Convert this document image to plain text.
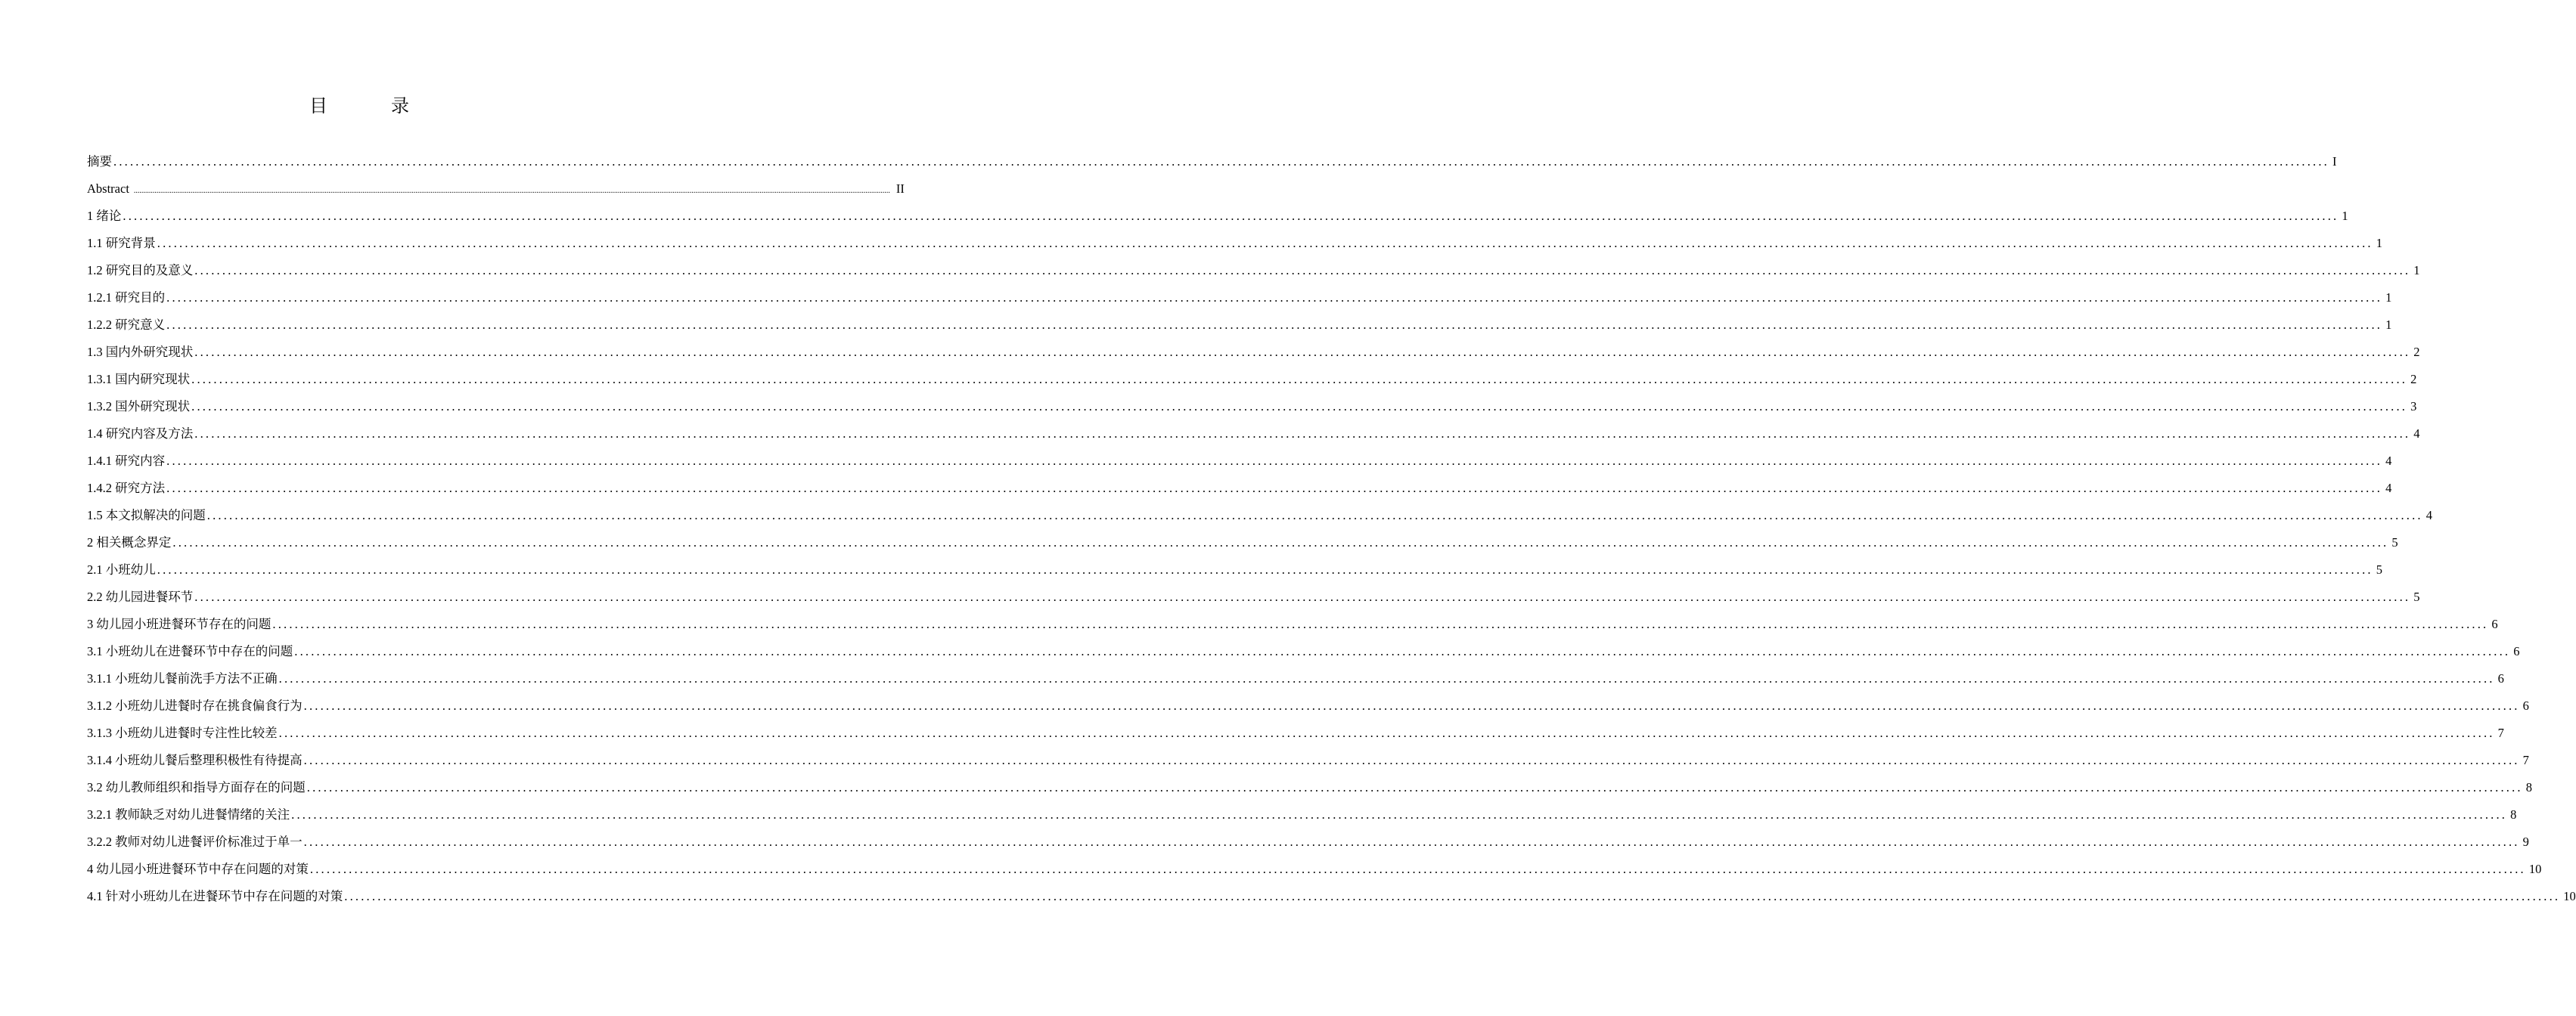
目　录
摘要 ................................................................................................................................................................................................................................................................................................................................................................................................................ I
Abstract ................................................................................................................................................................................................................................................................................................................................................................................................................ II
1 绪论 ................................................................................................................................................................................................................................................................................................................................................................................................................ 1
1.1 研究背景 ................................................................................................................................................................................................................................................................................................................................................................................................................ 1
1.2 研究目的及意义 ................................................................................................................................................................................................................................................................................................................................................................................................................ 1
1.2.1 研究目的 ................................................................................................................................................................................................................................................................................................................................................................................................................ 1
1.2.2 研究意义 ................................................................................................................................................................................................................................................................................................................................................................................................................ 1
1.3 国内外研究现状 ................................................................................................................................................................................................................................................................................................................................................................................................................ 2
1.3.1 国内研究现状 ................................................................................................................................................................................................................................................................................................................................................................................................................ 2
1.3.2 国外研究现状 ................................................................................................................................................................................................................................................................................................................................................................................................................ 3
1.4 研究内容及方法 ................................................................................................................................................................................................................................................................................................................................................................................................................ 4
1.4.1 研究内容 ................................................................................................................................................................................................................................................................................................................................................................................................................ 4
1.4.2 研究方法 ................................................................................................................................................................................................................................................................................................................................................................................................................ 4
1.5 本文拟解决的问题 ................................................................................................................................................................................................................................................................................................................................................................................................................ 4
2 相关概念界定 ................................................................................................................................................................................................................................................................................................................................................................................................................ 5
2.1 小班幼儿 ................................................................................................................................................................................................................................................................................................................................................................................................................ 5
2.2 幼儿园进餐环节 ................................................................................................................................................................................................................................................................................................................................................................................................................ 5
3 幼儿园小班进餐环节存在的问题 ................................................................................................................................................................................................................................................................................................................................................................................................................ 6
3.1 小班幼儿在进餐环节中存在的问题 ................................................................................................................................................................................................................................................................................................................................................................................................................ 6
3.1.1 小班幼儿餐前洗手方法不正确 ................................................................................................................................................................................................................................................................................................................................................................................................................ 6
3.1.2 小班幼儿进餐时存在挑食偏食行为 ................................................................................................................................................................................................................................................................................................................................................................................................................ 6
3.1.3 小班幼儿进餐时专注性比较差 ................................................................................................................................................................................................................................................................................................................................................................................................................ 7
3.1.4 小班幼儿餐后整理积极性有待提高 ................................................................................................................................................................................................................................................................................................................................................................................................................ 7
3.2 幼儿教师组织和指导方面存在的问题 ................................................................................................................................................................................................................................................................................................................................................................................................................ 8
3.2.1 教师缺乏对幼儿进餐情绪的关注 ................................................................................................................................................................................................................................................................................................................................................................................................................ 8
3.2.2 教师对幼儿进餐评价标准过于单一 ................................................................................................................................................................................................................................................................................................................................................................................................................ 9
4 幼儿园小班进餐环节中存在问题的对策 ................................................................................................................................................................................................................................................................................................................................................................................................................ 10
4.1 针对小班幼儿在进餐环节中存在问题的对策 ................................................................................................................................................................................................................................................................................................................................................................................................................ 10
